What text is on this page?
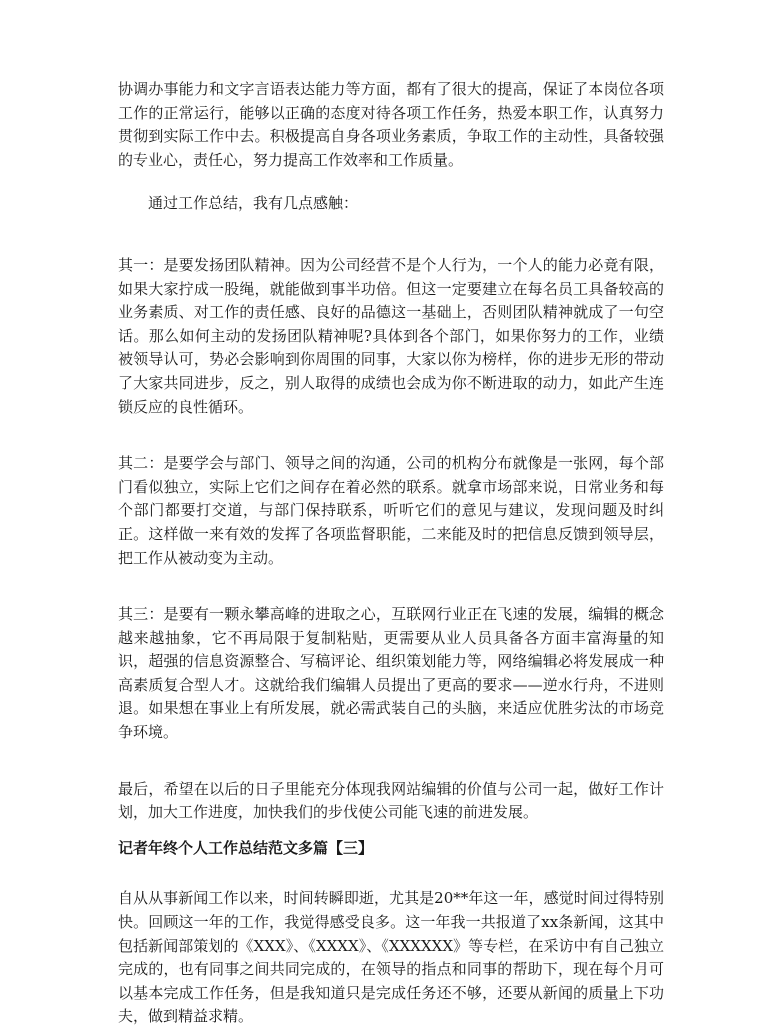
协调办事能力和文字言语表达能力等方面，都有了很大的提高，保证了本岗位各项工作的正常运行，能够以正确的态度对待各项工作任务，热爱本职工作，认真努力贯彻到实际工作中去。积极提高自身各项业务素质，争取工作的主动性，具备较强的专业心，责任心，努力提高工作效率和工作质量。

通过工作总结，我有几点感触：

其一：是要发扬团队精神。因为公司经营不是个人行为，一个人的能力必竟有限，如果大家拧成一股绳，就能做到事半功倍。但这一定要建立在每名员工具备较高的业务素质、对工作的责任感、良好的品德这一基础上，否则团队精神就成了一句空话。那么如何主动的发扬团队精神呢?具体到各个部门，如果你努力的工作，业绩被领导认可，势必会影响到你周围的同事，大家以你为榜样，你的进步无形的带动了大家共同进步，反之，别人取得的成绩也会成为你不断进取的动力，如此产生连锁反应的良性循环。

其二：是要学会与部门、领导之间的沟通，公司的机构分布就像是一张网，每个部门看似独立，实际上它们之间存在着必然的联系。就拿市场部来说，日常业务和每个部门都要打交道，与部门保持联系，听听它们的意见与建议，发现问题及时纠正。这样做一来有效的发挥了各项监督职能，二来能及时的把信息反馈到领导层，把工作从被动变为主动。

其三：是要有一颗永攀高峰的进取之心，互联网行业正在飞速的发展，编辑的概念越来越抽象，它不再局限于复制粘贴，更需要从业人员具备各方面丰富海量的知识，超强的信息资源整合、写稿评论、组织策划能力等，网络编辑必将发展成一种高素质复合型人才。这就给我们编辑人员提出了更高的要求——逆水行舟，不进则退。如果想在事业上有所发展，就必需武装自己的头脑，来适应优胜劣汰的市场竞争环境。

最后，希望在以后的日子里能充分体现我网站编辑的价值与公司一起，做好工作计划，加大工作进度，加快我们的步伐使公司能飞速的前进发展。

记者年终个人工作总结范文多篇【三】

自从从事新闻工作以来，时间转瞬即逝，尤其是20**年这一年，感觉时间过得特别快。回顾这一年的工作，我觉得感受良多。这一年我一共报道了xx条新闻，这其中包括新闻部策划的《XXX》、《XXXX》、《XXXXXX》等专栏，在采访中有自己独立完成的，也有同事之间共同完成的，在领导的指点和同事的帮助下，现在每个月可以基本完成工作任务，但是我知道只是完成任务还不够，还要从新闻的质量上下功夫，做到精益求精。
